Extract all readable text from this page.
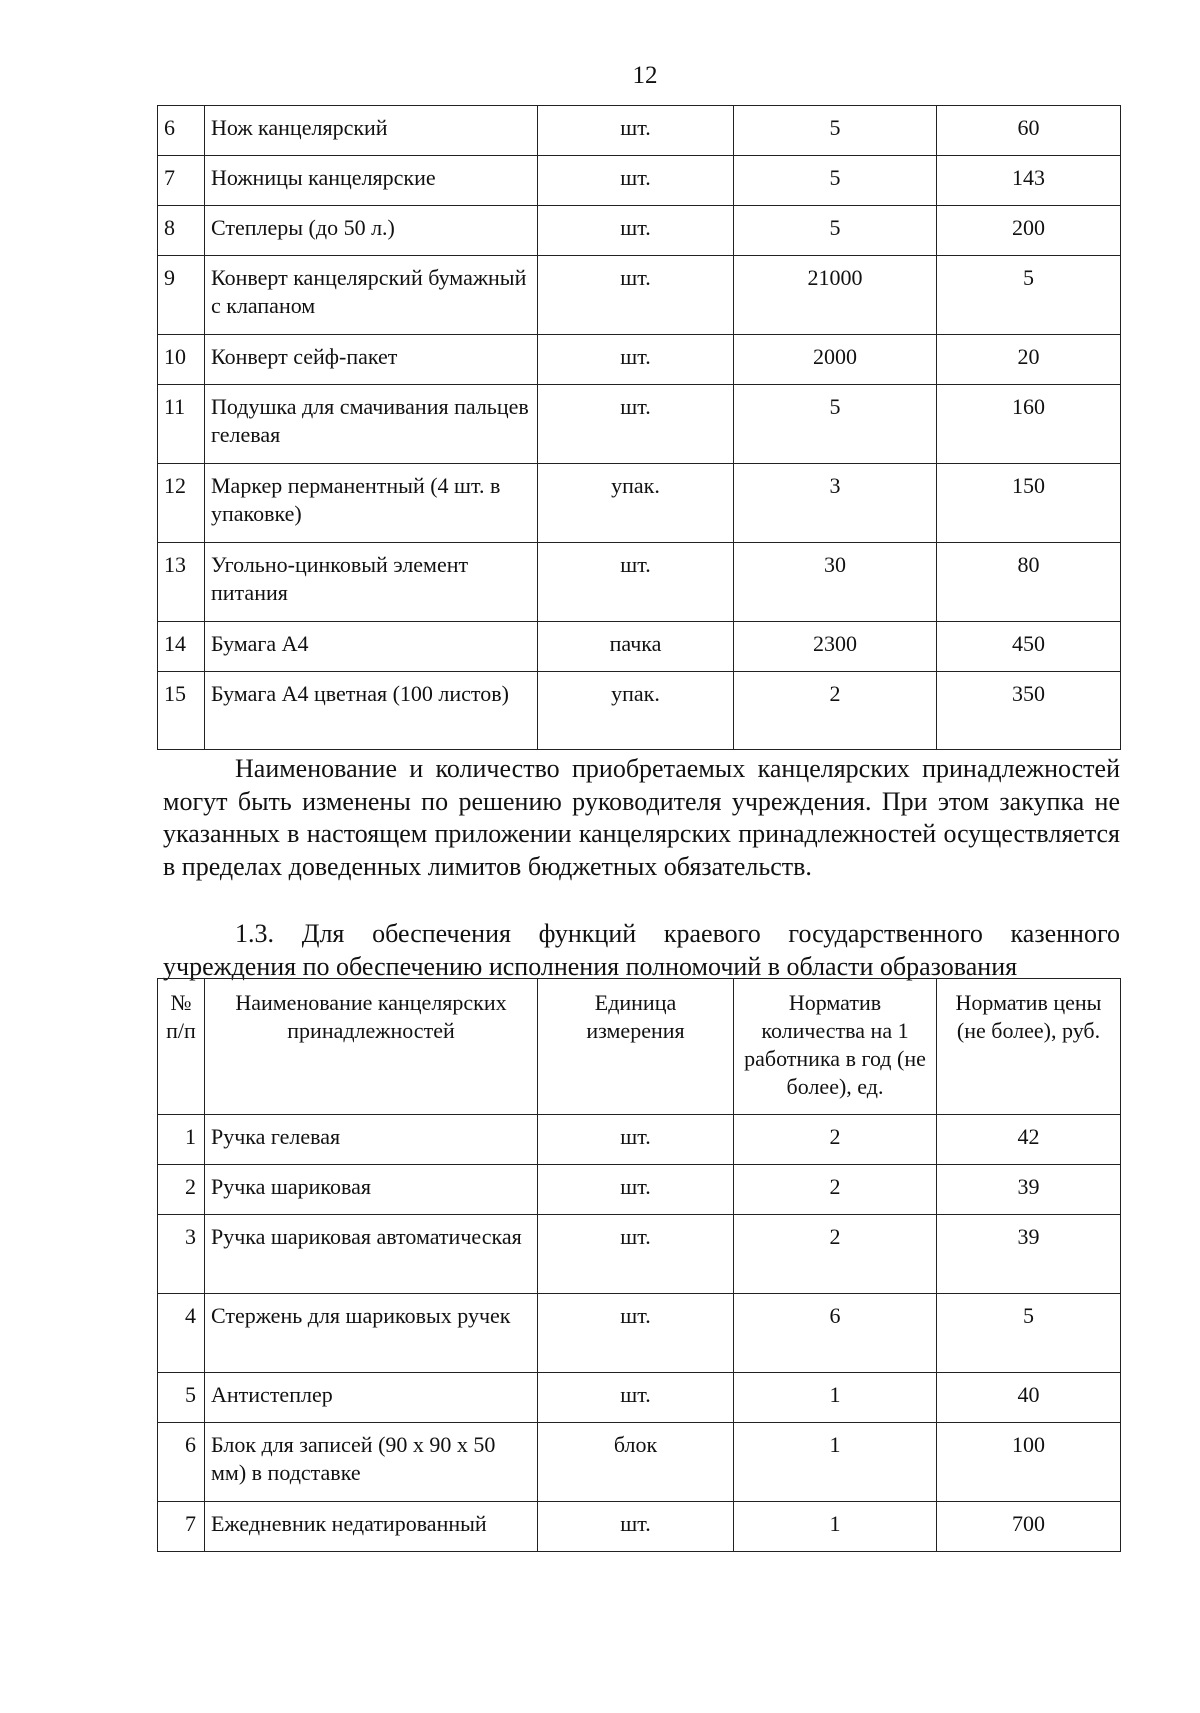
12
6	Нож канцелярский	шт.	5	60
7	Ножницы канцелярские	шт.	5	143
8	Степлеры (до 50 л.)	шт.	5	200
9	Конверт канцелярский бумажный с клапаном	шт.	21000	5
10	Конверт сейф-пакет	шт.	2000	20
11	Подушка для смачивания пальцев гелевая	шт.	5	160
12	Маркер перманентный (4 шт. в упаковке)	упак.	3	150
13	Угольно-цинковый элемент питания	шт.	30	80
14	Бумага А4	пачка	2300	450
15	Бумага А4 цветная (100 листов)	упак.	2	350

Наименование и количество приобретаемых канцелярских принадлежностей могут быть изменены по решению руководителя учреждения. При этом закупка не указанных в настоящем приложении канцелярских принадлежностей осуществляется в пределах доведенных лимитов бюджетных обязательств.

1.3. Для обеспечения функций краевого государственного казенного учреждения по обеспечению исполнения полномочий в области образования

№ п/п	Наименование канцелярских принадлежностей	Единица измерения	Норматив количества на 1 работника в год (не более), ед.	Норматив цены (не более), руб.
1	Ручка гелевая	шт.	2	42
2	Ручка шариковая	шт.	2	39
3	Ручка шариковая автоматическая	шт.	2	39
4	Стержень для шариковых ручек	шт.	6	5
5	Антистеплер	шт.	1	40
6	Блок для записей (90 х 90 х 50 мм) в подставке	блок	1	100
7	Ежедневник недатированный	шт.	1	700
